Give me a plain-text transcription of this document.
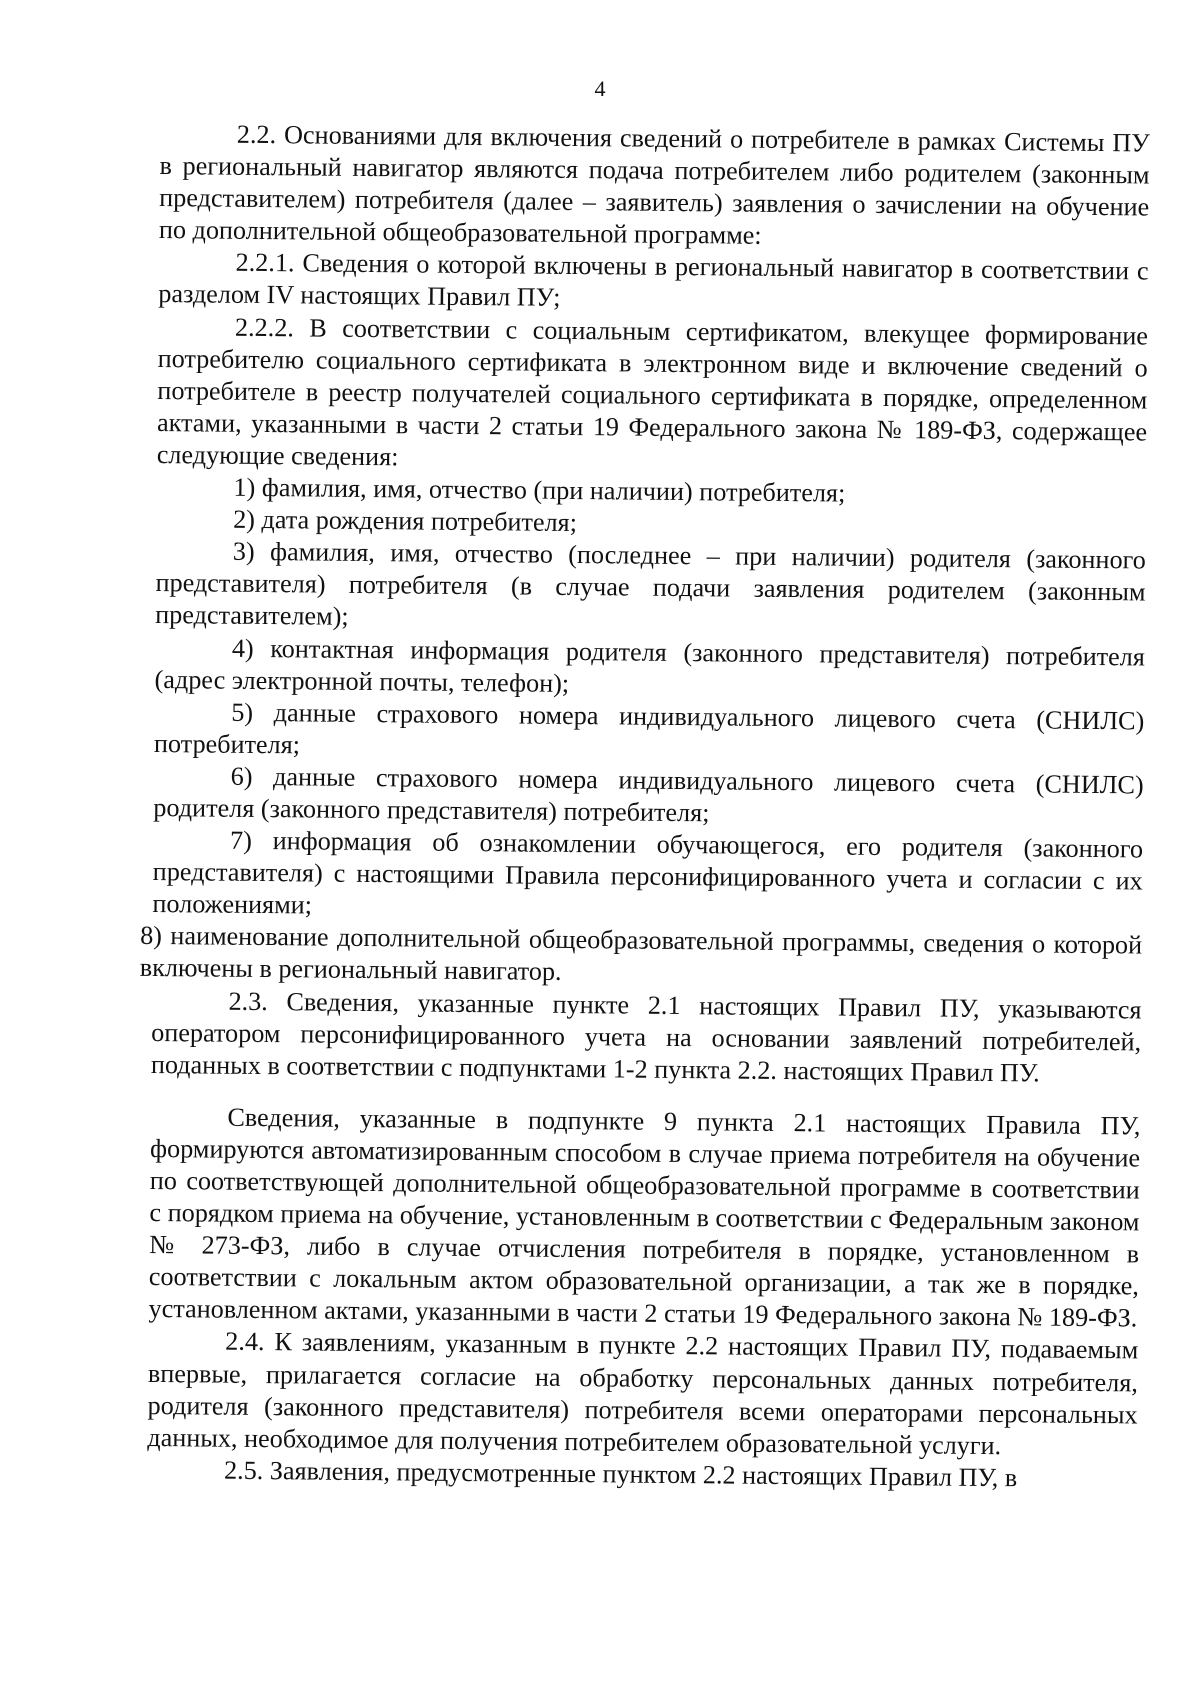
4

2.2. Основаниями для включения сведений о потребителе в рамках Системы ПУ в региональный навигатор являются подача потребителем либо родителем (законным представителем) потребителя (далее – заявитель) заявления о зачислении на обучение по дополнительной общеобразовательной программе:

2.2.1. Сведения о которой включены в региональный навигатор в соответствии с разделом IV настоящих Правил ПУ;

2.2.2. В соответствии с социальным сертификатом, влекущее формирование потребителю социального сертификата в электронном виде и включение сведений о потребителе в реестр получателей социального сертификата в порядке, определенном актами, указанными в части 2 статьи 19 Федерального закона № 189-ФЗ, содержащее следующие сведения:

1) фамилия, имя, отчество (при наличии) потребителя;

2) дата рождения потребителя;

3) фамилия, имя, отчество (последнее – при наличии) родителя (законного представителя) потребителя (в случае подачи заявления родителем (законным представителем);

4) контактная информация родителя (законного представителя) потребителя (адрес электронной почты, телефон);

5) данные страхового номера индивидуального лицевого счета (СНИЛС) потребителя;

6) данные страхового номера индивидуального лицевого счета (СНИЛС) родителя (законного представителя) потребителя;

7) информация об ознакомлении обучающегося, его родителя (законного представителя) с настоящими Правила персонифицированного учета и согласии с их положениями;

8) наименование дополнительной общеобразовательной программы, сведения о которой включены в региональный навигатор.

2.3. Сведения, указанные пункте 2.1 настоящих Правил ПУ, указываются оператором персонифицированного учета на основании заявлений потребителей, поданных в соответствии с подпунктами 1-2 пункта 2.2. настоящих Правил ПУ.

Сведения, указанные в подпункте 9 пункта 2.1 настоящих Правила ПУ, формируются автоматизированным способом в случае приема потребителя на обучение по соответствующей дополнительной общеобразовательной программе в соответствии с порядком приема на обучение, установленным в соответствии с Федеральным законом № 273-ФЗ, либо в случае отчисления потребителя в порядке, установленном в соответствии с локальным актом образовательной организации, а так же в порядке, установленном актами, указанными в части 2 статьи 19 Федерального закона № 189-ФЗ.

2.4. К заявлениям, указанным в пункте 2.2 настоящих Правил ПУ, подаваемым впервые, прилагается согласие на обработку персональных данных потребителя, родителя (законного представителя) потребителя всеми операторами персональных данных, необходимое для получения потребителем образовательной услуги.

2.5. Заявления, предусмотренные пунктом 2.2 настоящих Правил ПУ, в
